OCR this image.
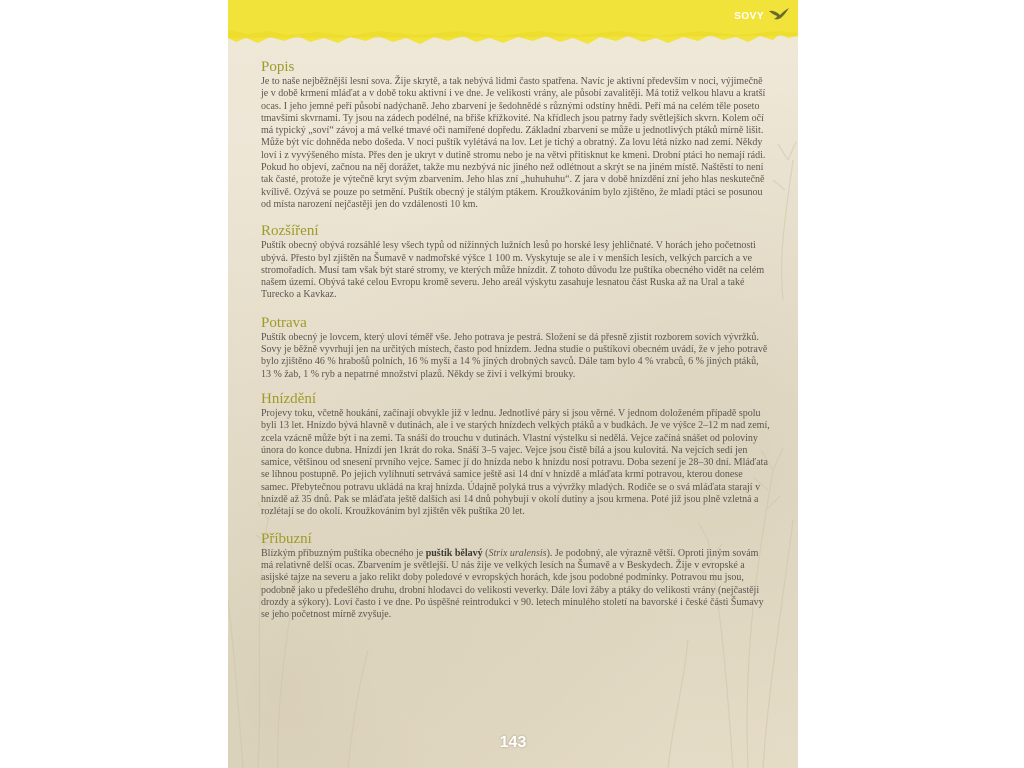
SOVY
Popis

Je to naše nejběžnější lesní sova. Žije skrytě, a tak nebývá lidmi často spatřena. Navíc je aktivní především v noci, výjimečně je v době krmení mláďat a v době toku aktivní i ve dne. Je velikosti vrány, ale působí zavalitěji. Má totiž velkou hlavu a kratší ocas. I jeho jemné peří působí nadýchaně. Jeho zbarvení je šedohnědé s různými odstíny hnědi. Peří má na celém těle poseto tmavšími skvrnami. Ty jsou na zádech podélné, na břiše křížkovité. Na křídlech jsou patrny řady světlejších skvrn. Kolem očí má typický „soví“ závoj a má velké tmavé oči namířené dopředu. Základní zbarvení se může u jednotlivých ptáků mírně lišit. Může být víc dohněda nebo došeda. V noci puštík vylétává na lov. Let je tichý a obratný. Za lovu létá nízko nad zemí. Někdy loví i z vyvýšeného místa. Přes den je ukryt v dutině stromu nebo je na větvi přitisknut ke kmeni. Drobní ptáci ho nemají rádi. Pokud ho objeví, začnou na něj dorážet, takže mu nezbývá nic jiného než odlétnout a skrýt se na jiném místě. Naštěstí to není tak časté, protože je výtečně kryt svým zbarvením. Jeho hlas zní „huhuhuhu“. Z jara v době hnízdění zní jeho hlas neskutečně kvílivě. Ozývá se pouze po setmění. Puštík obecný je stálým ptákem. Kroužkováním bylo zjištěno, že mladí ptáci se posunou od místa narození nejčastěji jen do vzdálenosti 10 km.

Rozšíření

Puštík obecný obývá rozsáhlé lesy všech typů od nížinných lužních lesů po horské lesy jehličnaté. V horách jeho početnosti ubývá. Přesto byl zjištěn na Šumavě v nadmořské výšce 1 100 m. Vyskytuje se ale i v menších lesích, velkých parcích a ve stromořadích. Musí tam však být staré stromy, ve kterých může hnízdit. Z tohoto důvodu lze puštíka obecného vidět na celém našem území. Obývá také celou Evropu kromě severu. Jeho areál výskytu zasahuje lesnatou část Ruska až na Ural a také Turecko a Kavkaz.

Potrava

Puštík obecný je lovcem, který uloví téměř vše. Jeho potrava je pestrá. Složení se dá přesně zjistit rozborem sovích vývržků. Sovy je běžně vyvrhují jen na určitých místech, často pod hnízdem. Jedna studie o puštíkovi obecném uvádí, že v jeho potravě bylo zjištěno 46 % hrabošů polních, 16 % myší a 14 % jiných drobných savců. Dále tam bylo 4 % vrabců, 6 % jiných ptáků, 13 % žab, 1 % ryb a nepatrné množství plazů. Někdy se živí i velkými brouky.

Hnízdění

Projevy toku, včetně houkání, začínají obvykle již v lednu. Jednotlivé páry si jsou věrné. V jednom doloženém případě spolu byli 13 let. Hnízdo bývá hlavně v dutinách, ale i ve starých hnízdech velkých ptáků a v budkách. Je ve výšce 2–12 m nad zemí, zcela vzácně může být i na zemi. Ta snáší do trouchu v dutinách. Vlastní výstelku si nedělá. Vejce začíná snášet od poloviny února do konce dubna. Hnízdí jen 1krát do roka. Snáší 3–5 vajec. Vejce jsou čistě bílá a jsou kulovitá. Na vejcích sedí jen samice, většinou od snesení prvního vejce. Samec jí do hnízda nebo k hnízdu nosí potravu. Doba sezení je 28–30 dní. Mláďata se líhnou postupně. Po jejich vylíhnutí setrvává samice ještě asi 14 dní v hnízdě a mláďata krmí potravou, kterou donese samec. Přebytečnou potravu ukládá na kraj hnízda. Údajně polyká trus a vývržky mladých. Rodiče se o svá mláďata starají v hnízdě až 35 dnů. Pak se mláďata ještě dalších asi 14 dnů pohybují v okolí dutiny a jsou krmena. Poté již jsou plně vzletná a rozlétají se do okolí. Kroužkováním byl zjištěn věk puštíka 20 let.

Příbuzní

Blízkým příbuzným puštíka obecného je puštík bělavý (Strix uralensis). Je podobný, ale výrazně větší. Oproti jiným sovám má relativně delší ocas. Zbarvením je světlejší. U nás žije ve velkých lesích na Šumavě a v Beskydech. Žije v evropské a asijské tajze na severu a jako relikt doby poledové v evropských horách, kde jsou podobné podmínky. Potravou mu jsou, podobně jako u předešlého druhu, drobní hlodavci do velikosti veverky. Dále loví žáby a ptáky do velikosti vrány (nejčastěji drozdy a sýkory). Loví často i ve dne. Po úspěšné reintrodukci v 90. letech minulého století na bavorské i české části Šumavy se jeho početnost mírně zvyšuje.

143
